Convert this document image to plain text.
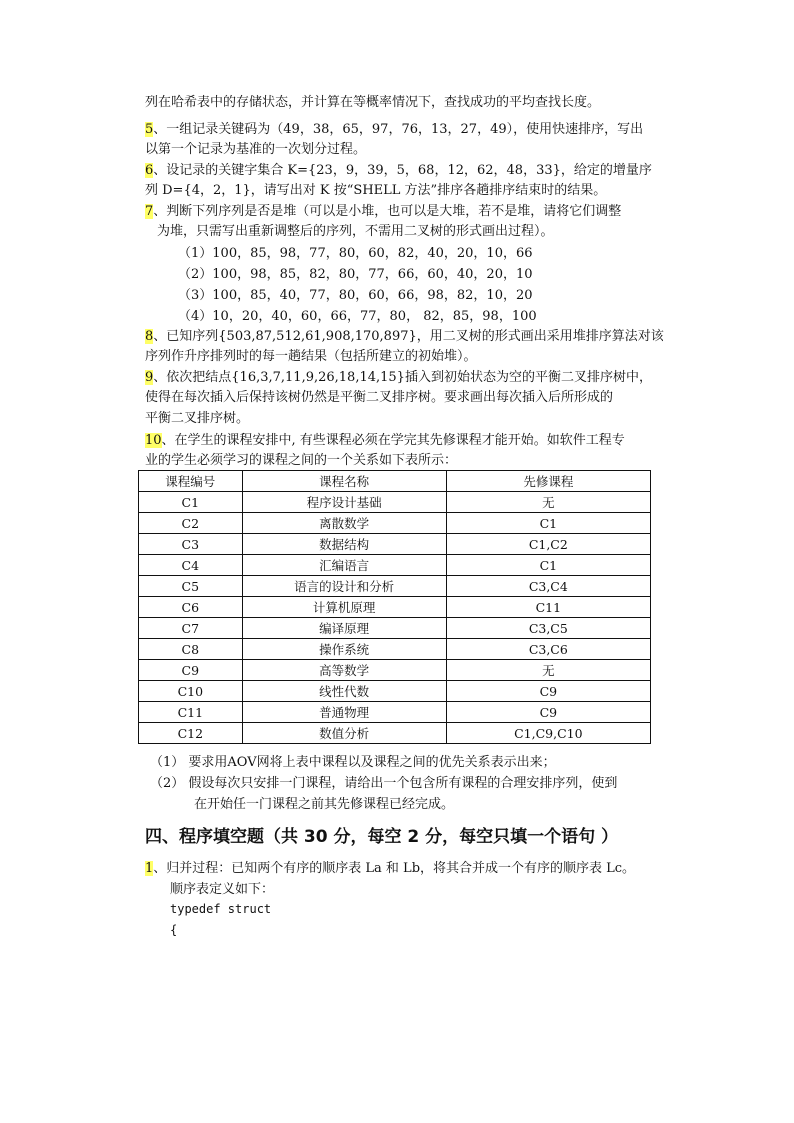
列在哈希表中的存储状态，并计算在等概率情况下，查找成功的平均查找长度。
5、一组记录关键码为（49，38，65，97，76，13，27，49），使用快速排序，写出
以第一个记录为基准的一次划分过程。
6、设记录的关键字集合 K={23，9，39，5，68，12，62，48，33}，给定的增量序
列 D={4，2，1}，请写出对 K 按“SHELL 方法”排序各趟排序结束时的结果。
7、判断下列序列是否是堆（可以是小堆，也可以是大堆，若不是堆，请将它们调整
为堆，只需写出重新调整后的序列，不需用二叉树的形式画出过程）。
（1）100，85，98，77，80，60，82，40，20，10，66
（2）100，98，85，82，80，77，66，60，40，20，10
（3）100，85，40，77，80，60，66，98，82，10，20
（4）10，20，40，60，66，77，80， 82，85，98，100
8、已知序列{503,87,512,61,908,170,897}，用二叉树的形式画出采用堆排序算法对该
序列作升序排列时的每一趟结果（包括所建立的初始堆）。
9、依次把结点{16,3,7,11,9,26,18,14,15}插入到初始状态为空的平衡二叉排序树中，
使得在每次插入后保持该树仍然是平衡二叉排序树。要求画出每次插入后所形成的
平衡二叉排序树。
10、在学生的课程安排中, 有些课程必须在学完其先修课程才能开始。如软件工程专
业的学生必须学习的课程之间的一个关系如下表所示：
课程编号	课程名称	先修课程
C1	程序设计基础	无
C2	离散数学	C1
C3	数据结构	C1,C2
C4	汇编语言	C1
C5	语言的设计和分析	C3,C4
C6	计算机原理	C11
C7	编译原理	C3,C5
C8	操作系统	C3,C6
C9	高等数学	无
C10	线性代数	C9
C11	普通物理	C9
C12	数值分析	C1,C9,C10
（1） 要求用AOV网将上表中课程以及课程之间的优先关系表示出来；
（2） 假设每次只安排一门课程，请给出一个包含所有课程的合理安排序列，使到
在开始任一门课程之前其先修课程已经完成。
四、程序填空题（共 30 分，每空 2 分，每空只填一个语句 ）
1、归并过程：已知两个有序的顺序表 La 和 Lb，将其合并成一个有序的顺序表 Lc。
顺序表定义如下：
typedef struct
{
